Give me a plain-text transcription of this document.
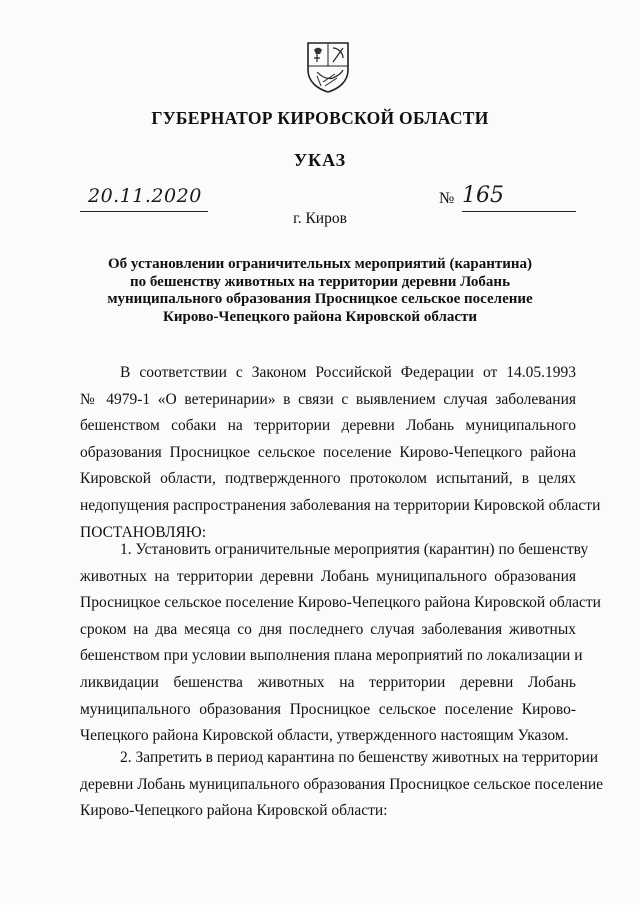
ГУБЕРНАТОР КИРОВСКОЙ ОБЛАСТИ
УКАЗ
20.11.2020	№ 165
г. Киров
Об установлении ограничительных мероприятий (карантина)
по бешенству животных на территории деревни Лобань
муниципального образования Просницкое сельское поселение
Кирово-Чепецкого района Кировской области
В соответствии с Законом Российской Федерации от 14.05.1993
№ 4979-1 «О ветеринарии» в связи с выявлением случая заболевания
бешенством собаки на территории деревни Лобань муниципального
образования Просницкое сельское поселение Кирово-Чепецкого района
Кировской области, подтвержденного протоколом испытаний, в целях
недопущения распространения заболевания на территории Кировской области
ПОСТАНОВЛЯЮ:
1. Установить ограничительные мероприятия (карантин) по бешенству
животных на территории деревни Лобань муниципального образования
Просницкое сельское поселение Кирово-Чепецкого района Кировской области
сроком на два месяца со дня последнего случая заболевания животных
бешенством при условии выполнения плана мероприятий по локализации и
ликвидации бешенства животных на территории деревни Лобань
муниципального образования Просницкое сельское поселение Кирово-
Чепецкого района Кировской области, утвержденного настоящим Указом.
2. Запретить в период карантина по бешенству животных на территории
деревни Лобань муниципального образования Просницкое сельское поселение
Кирово-Чепецкого района Кировской области:
